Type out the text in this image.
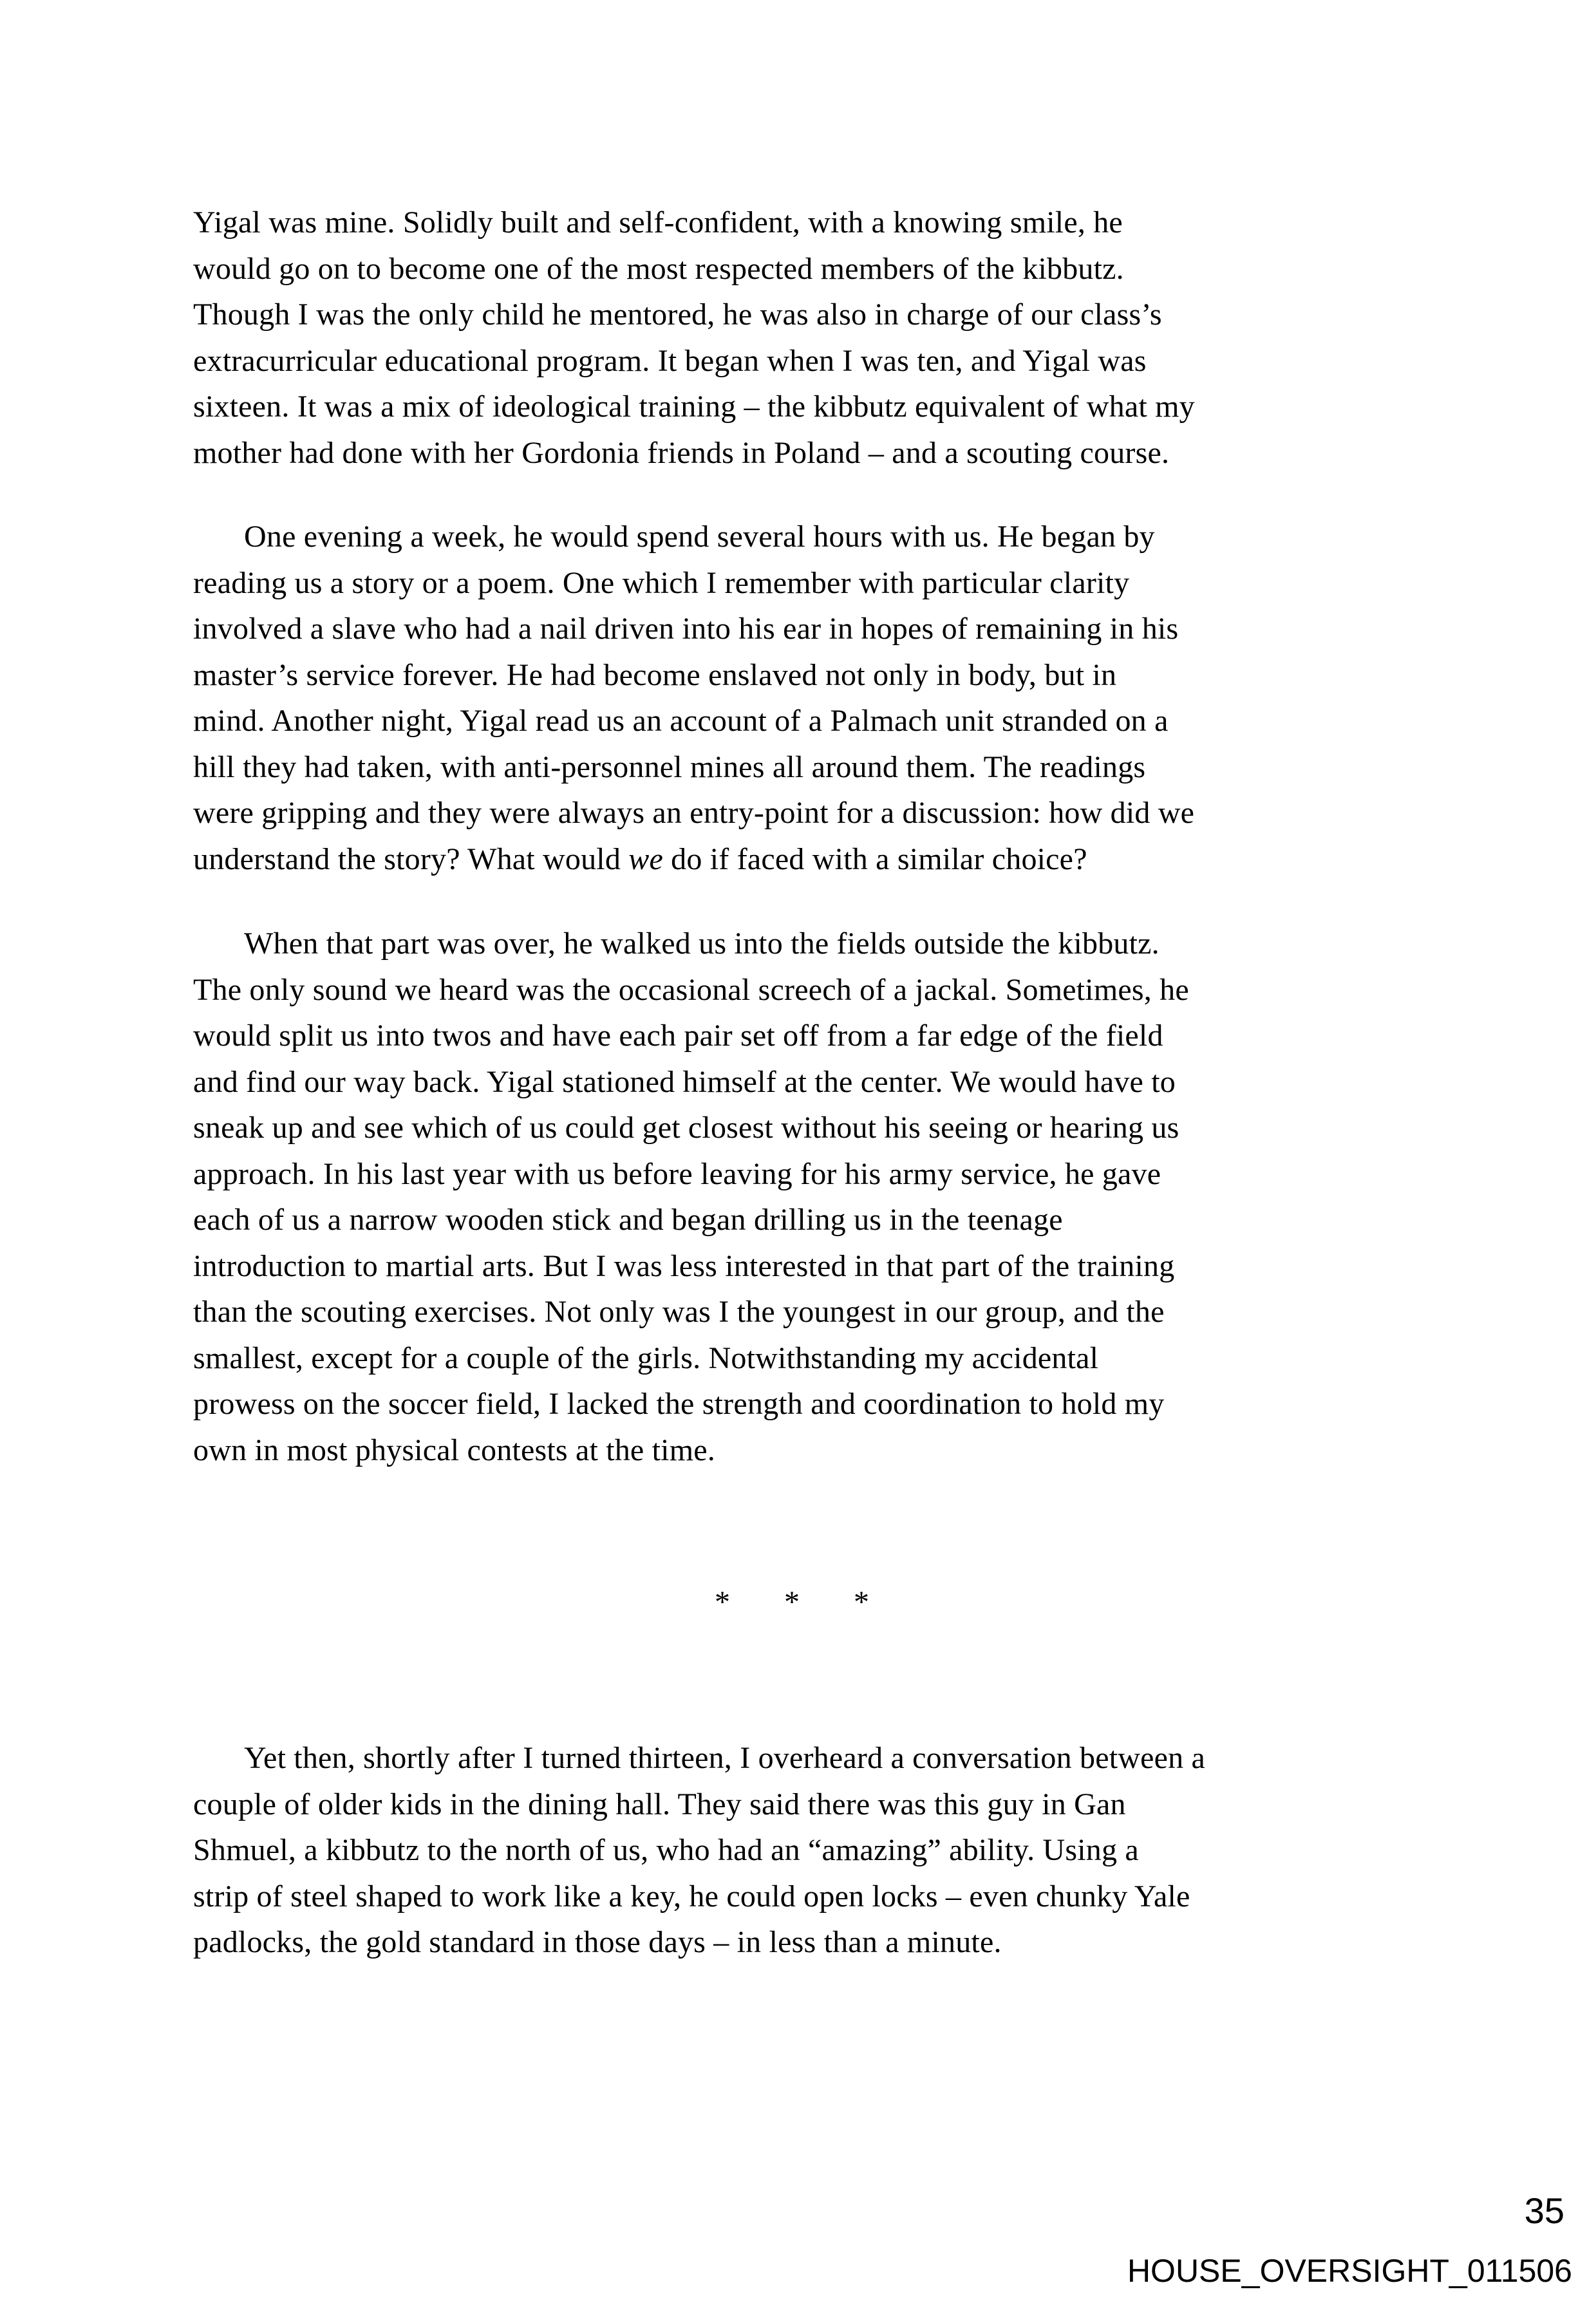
Yigal was mine. Solidly built and self-confident, with a knowing smile, he
would go on to become one of the most respected members of the kibbutz.
Though I was the only child he mentored, he was also in charge of our class’s
extracurricular educational program. It began when I was ten, and Yigal was
sixteen. It was a mix of ideological training – the kibbutz equivalent of what my
mother had done with her Gordonia friends in Poland – and a scouting course.
One evening a week, he would spend several hours with us. He began by
reading us a story or a poem. One which I remember with particular clarity
involved a slave who had a nail driven into his ear in hopes of remaining in his
master’s service forever. He had become enslaved not only in body, but in
mind. Another night, Yigal read us an account of a Palmach unit stranded on a
hill they had taken, with anti-personnel mines all around them. The readings
were gripping and they were always an entry-point for a discussion: how did we
understand the story? What would we do if faced with a similar choice?
When that part was over, he walked us into the fields outside the kibbutz.
The only sound we heard was the occasional screech of a jackal. Sometimes, he
would split us into twos and have each pair set off from a far edge of the field
and find our way back. Yigal stationed himself at the center. We would have to
sneak up and see which of us could get closest without his seeing or hearing us
approach. In his last year with us before leaving for his army service, he gave
each of us a narrow wooden stick and began drilling us in the teenage
introduction to martial arts. But I was less interested in that part of the training
than the scouting exercises. Not only was I the youngest in our group, and the
smallest, except for a couple of the girls. Notwithstanding my accidental
prowess on the soccer field, I lacked the strength and coordination to hold my
own in most physical contests at the time.
* * *
Yet then, shortly after I turned thirteen, I overheard a conversation between a
couple of older kids in the dining hall. They said there was this guy in Gan
Shmuel, a kibbutz to the north of us, who had an “amazing” ability. Using a
strip of steel shaped to work like a key, he could open locks – even chunky Yale
padlocks, the gold standard in those days – in less than a minute.
35
HOUSE_OVERSIGHT_011506
